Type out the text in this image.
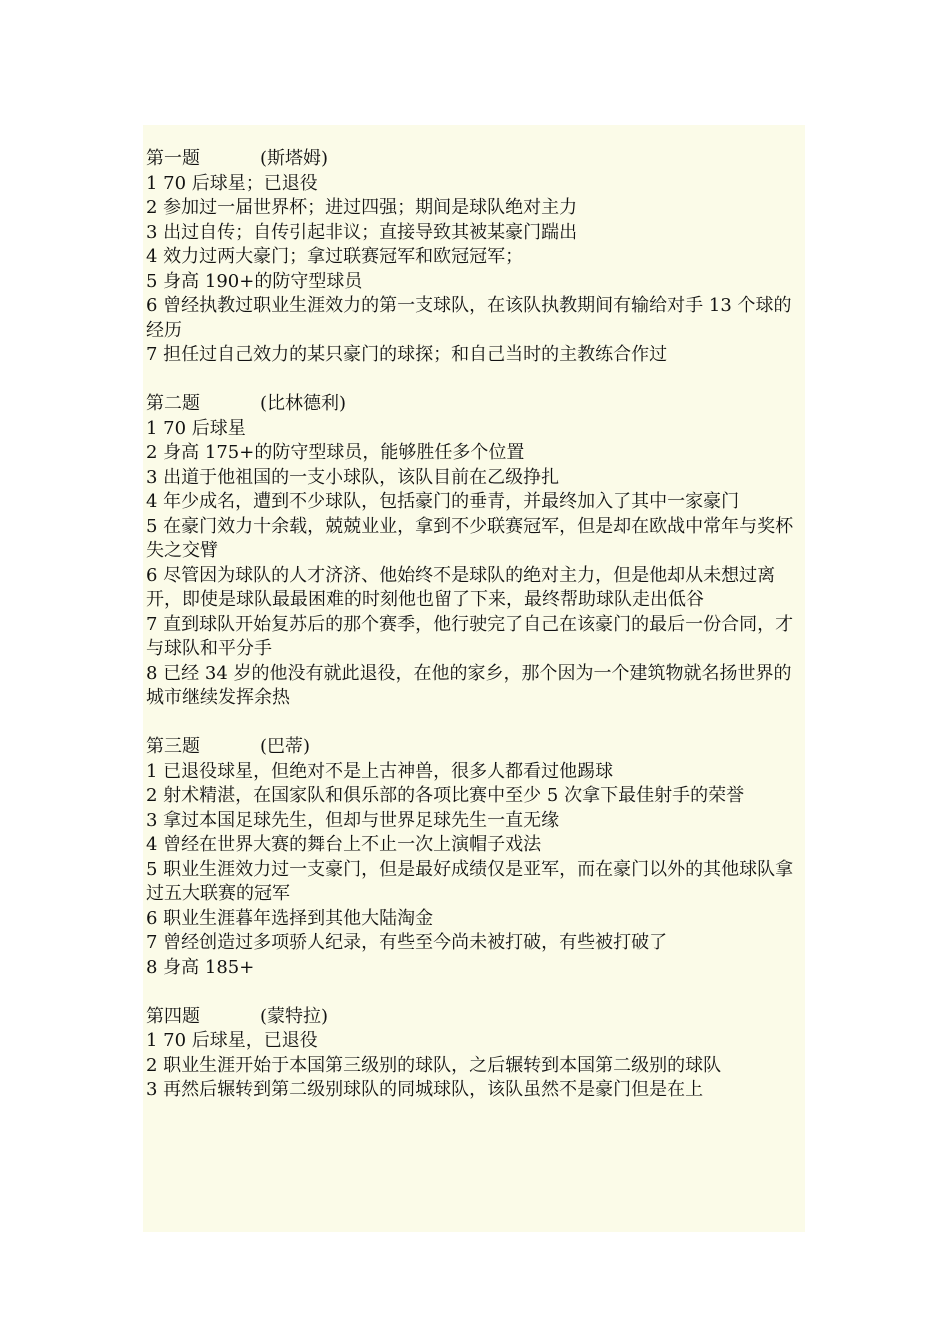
第一题	(斯塔姆)
1 70 后球星；已退役
2 参加过一届世界杯；进过四强；期间是球队绝对主力
3 出过自传；自传引起非议；直接导致其被某豪门踹出
4 效力过两大豪门；拿过联赛冠军和欧冠冠军；
5 身高 190+的防守型球员
6 曾经执教过职业生涯效力的第一支球队，在该队执教期间有输给对手 13 个球的经历
7 担任过自己效力的某只豪门的球探；和自己当时的主教练合作过
第二题	(比林德利)
1 70 后球星
2 身高 175+的防守型球员，能够胜任多个位置
3 出道于他祖国的一支小球队，该队目前在乙级挣扎
4 年少成名，遭到不少球队，包括豪门的垂青，并最终加入了其中一家豪门
5 在豪门效力十余载，兢兢业业，拿到不少联赛冠军，但是却在欧战中常年与奖杯失之交臂
6 尽管因为球队的人才济济、他始终不是球队的绝对主力，但是他却从未想过离开，即使是球队最最困难的时刻他也留了下来，最终帮助球队走出低谷
7 直到球队开始复苏后的那个赛季，他行驶完了自己在该豪门的最后一份合同，才与球队和平分手
8 已经 34 岁的他没有就此退役，在他的家乡，那个因为一个建筑物就名扬世界的城市继续发挥余热
第三题	(巴蒂)
1 已退役球星，但绝对不是上古神兽，很多人都看过他踢球
2 射术精湛，在国家队和俱乐部的各项比赛中至少 5 次拿下最佳射手的荣誉
3 拿过本国足球先生，但却与世界足球先生一直无缘
4 曾经在世界大赛的舞台上不止一次上演帽子戏法
5 职业生涯效力过一支豪门，但是最好成绩仅是亚军，而在豪门以外的其他球队拿过五大联赛的冠军
6 职业生涯暮年选择到其他大陆淘金
7 曾经创造过多项骄人纪录，有些至今尚未被打破，有些被打破了
8 身高 185+
第四题	(蒙特拉)
1 70 后球星，已退役
2 职业生涯开始于本国第三级别的球队，之后辗转到本国第二级别的球队
3 再然后辗转到第二级别球队的同城球队，该队虽然不是豪门但是在上
